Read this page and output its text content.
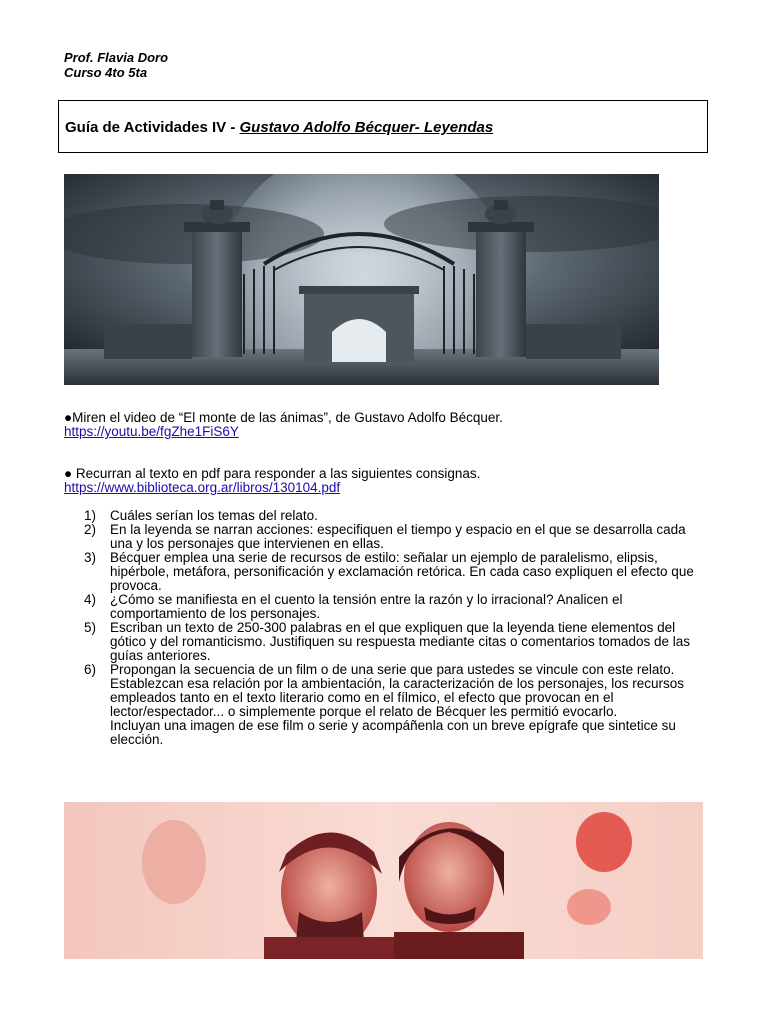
Prof. Flavia Doro
Curso 4to 5ta
Guía de Actividades IV - Gustavo Adolfo Bécquer- Leyendas
●Miren el video de “El monte de las ánimas”, de Gustavo Adolfo Bécquer.
https://youtu.be/fgZhe1FiS6Y
● Recurran al texto en pdf para responder a las siguientes consignas.
https://www.biblioteca.org.ar/libros/130104.pdf
1) Cuáles serían los temas del relato.
2) En la leyenda se narran acciones: especifiquen el tiempo y espacio en el que se desarrolla cada una y los personajes que intervienen en ellas.
3) Bécquer emplea una serie de recursos de estilo: señalar un ejemplo de paralelismo, elipsis, hipérbole, metáfora, personificación y exclamación retórica. En cada caso expliquen el efecto que provoca.
4) ¿Cómo se manifiesta en el cuento la tensión entre la razón y lo irracional? Analicen el comportamiento de los personajes.
5) Escriban un texto de 250-300 palabras en el que expliquen que la leyenda tiene elementos del gótico y del romanticismo. Justifiquen su respuesta mediante citas o comentarios tomados de las guías anteriores.
6) Propongan la secuencia de un film o de una serie que para ustedes se vincule con este relato. Establezcan esa relación por la ambientación, la caracterización de los personajes, los recursos empleados tanto en el texto literario como en el fílmico, el efecto que provocan en el lector/espectador... o simplemente porque el relato de Bécquer les permitió evocarlo.
Incluyan una imagen de ese film o serie y acompáñenla con un breve epígrafe que sintetice su elección.
